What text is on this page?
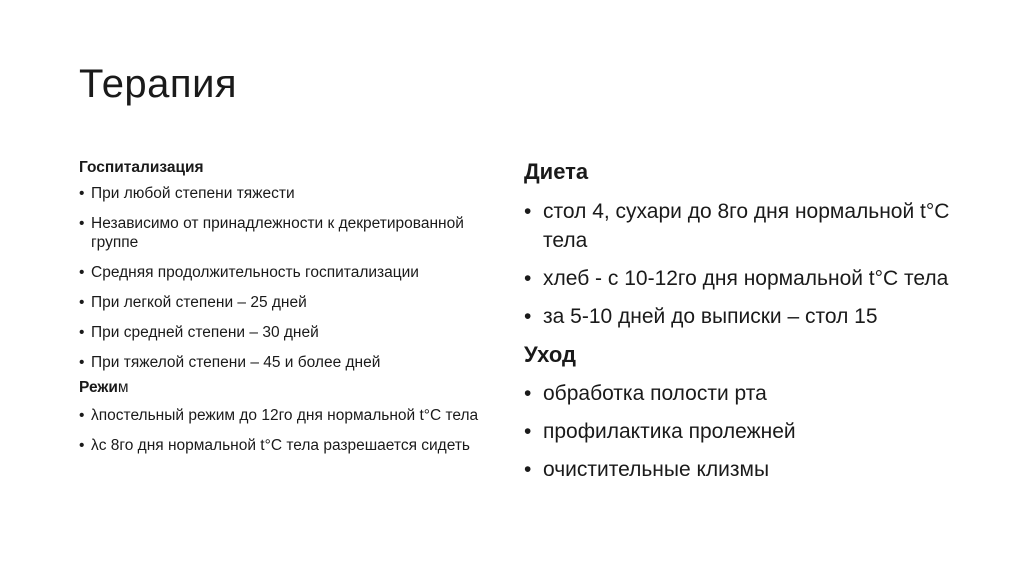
Терапия

Госпитализация

• При любой степени тяжести
• Независимо от принадлежности к декретированной группе
• Средняя продолжительность госпитализации
• При легкой степени – 25 дней
• При средней степени – 30 дней
• При тяжелой степени – 45 и более дней

Режим

• λпостельный режим до 12го дня нормальной t°C тела
• λс 8го дня нормальной t°C тела разрешается сидеть

Диета

• стол 4, сухари до 8го дня нормальной t°C тела
• хлеб - с 10-12го дня нормальной t°C тела
• за 5-10 дней до выписки – стол 15

Уход

• обработка полости рта
• профилактика пролежней
• очистительные клизмы
